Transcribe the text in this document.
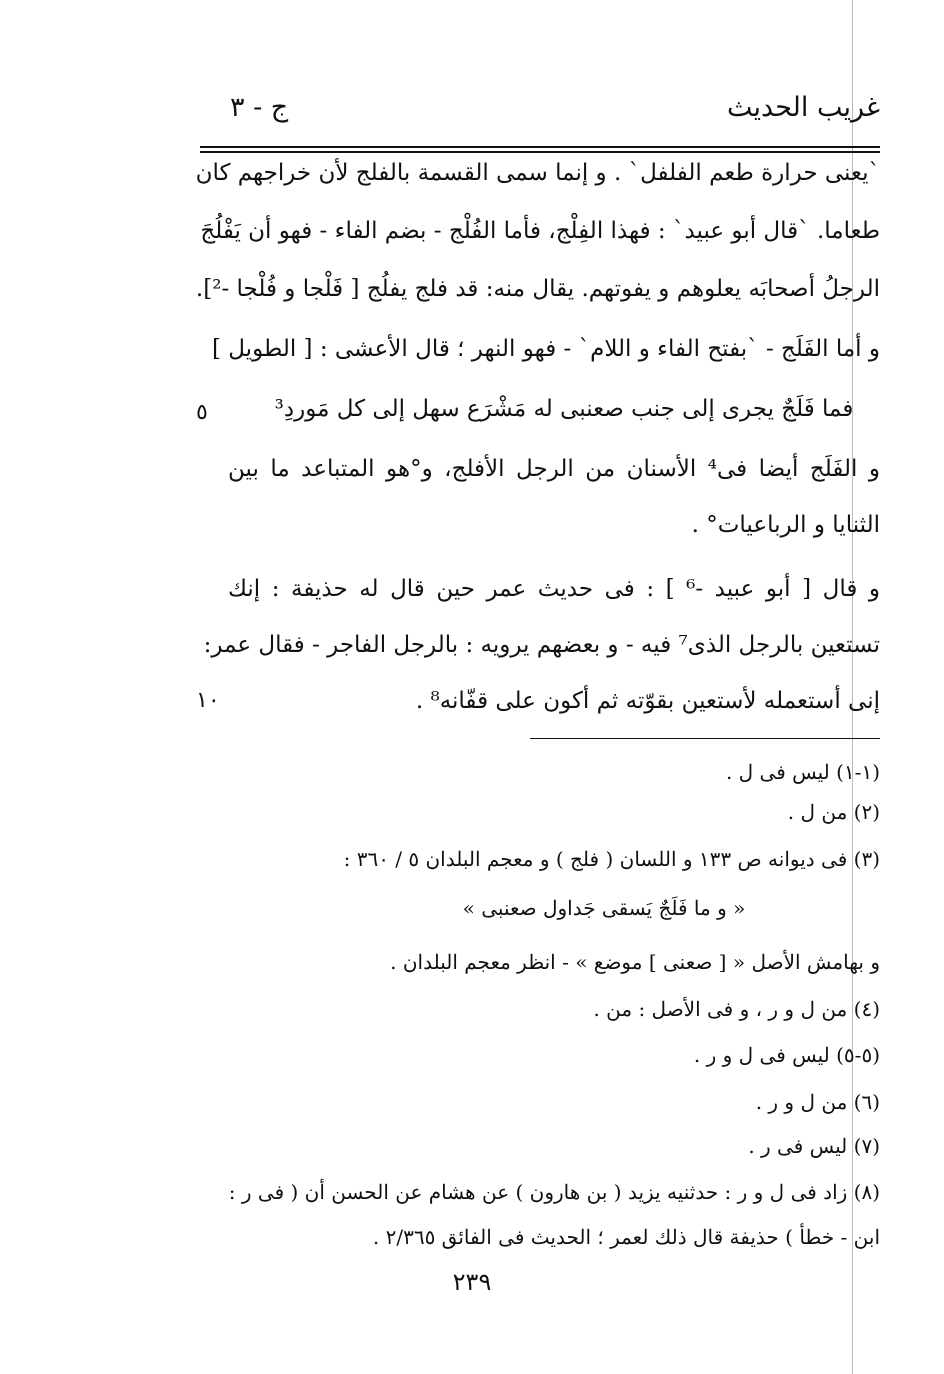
غريب الحديث
ج - ٣
`يعنى حرارة طعم الفلفل` . و إنما سمى القسمة بالفلج لأن خراجهم كان
طعاما. `قال أبو عبيد` : فهذا الفِلْج، فأما الفُلْج - بضم الفاء - فهو أن يَفْلُجَ
الرجلُ أصحابَه يعلوهم و يفوتهم. يقال منه: قد فلج يفلُج [ فَلْجا و فُلْجا -²].
و أما الفَلَج - `بفتح الفاء و اللام` - فهو النهر ؛ قال الأعشى : [ الطويل ]
فما فَلَجٌ يجرى إلى جنب صعنبى له مَشْرَع سهل إلى كل مَوردِ³
و الفَلَج أيضا فى⁴ الأسنان من الرجل الأفلج، و°هو المتباعد ما بين
الثنايا و الرباعيات° .
و قال [ أبو عبيد -⁶ ] : فى حديث عمر حين قال له حذيفة : إنك
تستعين بالرجل الذى⁷ فيه - و بعضهم يرويه : بالرجل الفاجر - فقال عمر:
إنى أستعمله لأستعين بقوّته ثم أكون على قفّانه⁸ .
٥
١٠
(١-١) ليس فى ل .
(٢) من ل .
(٣) فى ديوانه ص ١٣٣ و اللسان ( فلج ) و معجم البلدان ٥ / ٣٦٠ :
« و ما فَلَجٌ يَسقى جَداول صعنبى »
و بهامش الأصل « [ صعنى ] موضع » - انظر معجم البلدان .
(٤) من ل و ر ، و فى الأصل : من .
(٥-٥) ليس فى ل و ر .
(٦) من ل و ر .
(٧) ليس فى ر .
(٨) زاد فى ل و ر : حدثنيه يزيد ( بن هارون ) عن هشام عن الحسن أن ( فى ر :
ابن - خطأ ) حذيفة قال ذلك لعمر ؛ الحديث فى الفائق ٢/٣٦٥ .
٢٣٩
